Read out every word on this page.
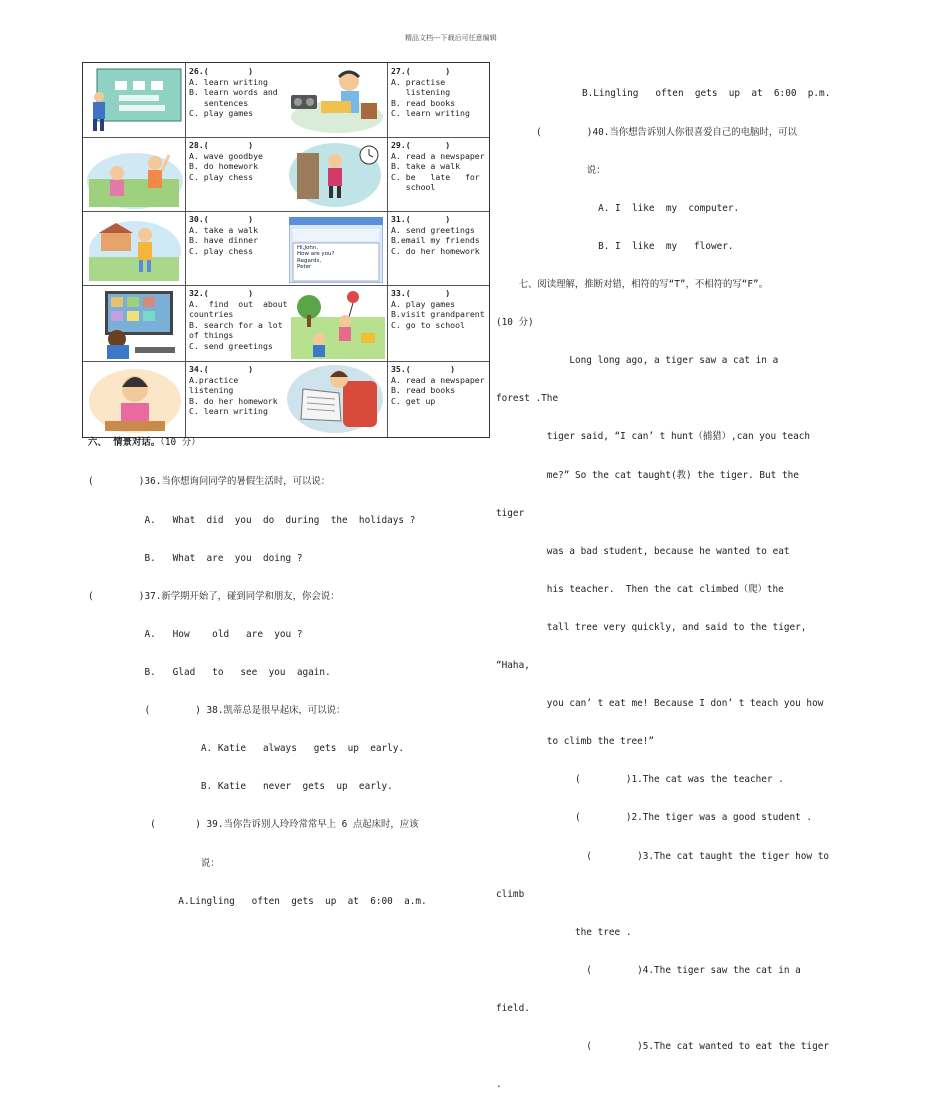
精品文档---下载后可任意编辑
Hi,John,
How are you?
Regards,
Peter
26.(        )
A. learn writing
B. learn words and
sentences
C. play games
27.(       )
A. practise
listening
B. read books
C. learn writing
28.(        )
A. wave goodbye
B. do homework
C. play chess
29.(       )
A. read a newspaper
B. take a walk
C. be   late   for
school
30.(        )
A. take a walk
B. have dinner
C. play chess
31.(       )
A. send greetings
B.email my friends
C. do her homework
32.(        )
A.  find  out  about
countries
B. search for a lot
of things
C. send greetings
33.(       )
A. play games
B.visit grandparent
C. go to school
34.(        )
A.practice
listening
B. do her homework
C. learn writing
35.(        )
A. read a newspaper
B. read books
C. get up
六、  情景对话。（10 分）

(        )36.当你想询问同学的暑假生活时，可以说：

A.   What  did  you  do  during  the  holidays ?

B.   What  are  you  doing ?

(        )37.新学期开始了，碰到同学和朋友，你会说：

A.   How    old   are  you ?

B.   Glad   to   see  you  again.

(        ) 38.凯蒂总是很早起床，可以说：

A. Katie   always   gets  up  early.

B. Katie   never  gets  up  early.

(       ) 39.当你告诉别人玲玲常常早上 6 点起床时，应该

说：

A.Lingling   often  gets  up  at  6:00  a.m.

B.Lingling   often  gets  up  at  6:00  p.m.

(        )40.当你想告诉别人你很喜爱自己的电脑时，可以

说：

A. I  like  my  computer.

B. I  like  my   flower.

七、阅读理解，推断对错，相符的写“T”，不相符的写“F”。

(10 分)

Long long ago, a tiger saw a cat in a

forest .The

tiger said, “I can’ t hunt（捕猎）,can you teach

me?” So the cat taught(教) the tiger. But the

tiger

was a bad student, because he wanted to eat

his teacher.  Then the cat climbed（爬）the

tall tree very quickly, and said to the tiger,

“Haha,

you can’ t eat me! Because I don’ t teach you how

to climb the tree!”

(        )1.The cat was the teacher .

(        )2.The tiger was a good student .

(        )3.The cat taught the tiger how to

climb

the tree .

(        )4.The tiger saw the cat in a

field.

(        )5.The cat wanted to eat the tiger

.
